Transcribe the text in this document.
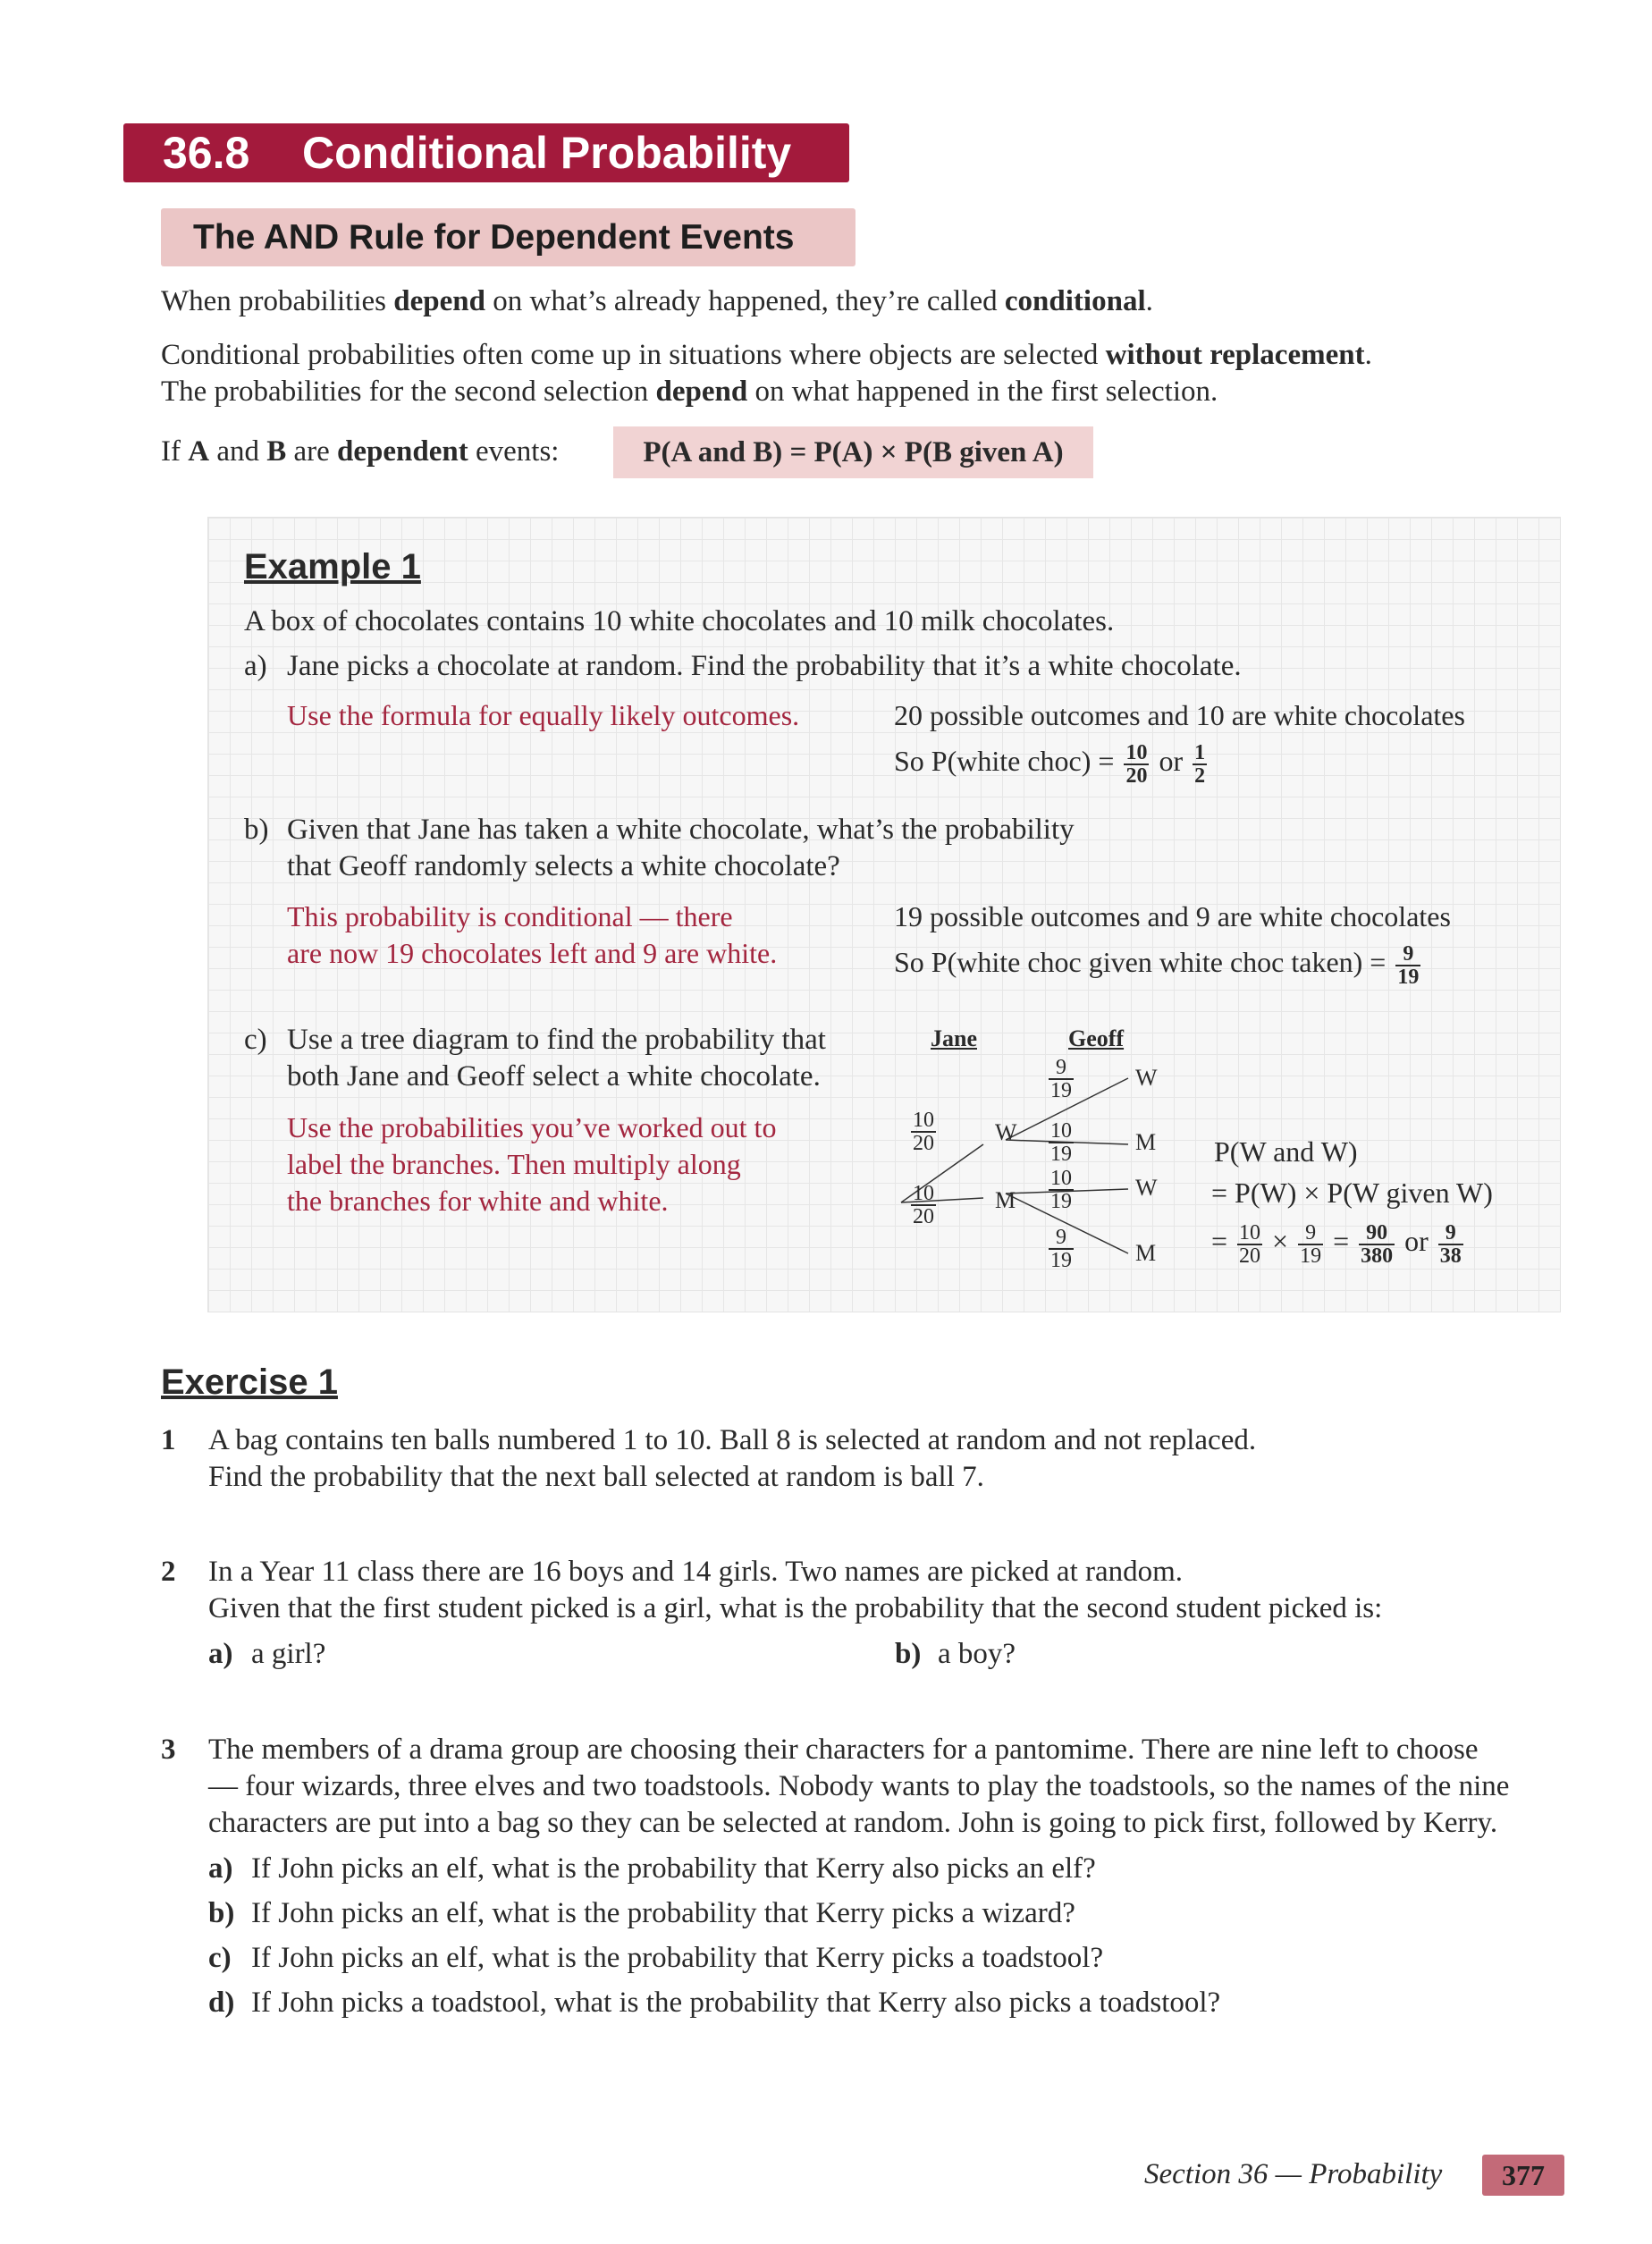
36.8 Conditional Probability
The AND Rule for Dependent Events
When probabilities depend on what’s already happened, they’re called conditional.
Conditional probabilities often come up in situations where objects are selected without replacement.
The probabilities for the second selection depend on what happened in the first selection.
If A and B are dependent events:	P(A and B) = P(A) × P(B given A)
Example 1
A box of chocolates contains 10 white chocolates and 10 milk chocolates.
a) Jane picks a chocolate at random. Find the probability that it’s a white chocolate.
Use the formula for equally likely outcomes.	20 possible outcomes and 10 are white chocolates
So P(white choc) = $\frac{10}{20}$ or $\frac{1}{2}$
b) Given that Jane has taken a white chocolate, what’s the probability
that Geoff randomly selects a white chocolate?
This probability is conditional — there
are now 19 chocolates left and 9 are white.
19 possible outcomes and 9 are white chocolates
So P(white choc given white choc taken) = $\frac{9}{19}$
c) Use a tree diagram to find the probability that
both Jane and Geoff select a white chocolate.
Use the probabilities you’ve worked out to
label the branches. Then multiply along
the branches for white and white.
Jane	Geoff
$\frac{10}{20}$
$\frac{10}{20}$
W
M
$\frac{9}{19}$
$\frac{10}{19}$
$\frac{10}{19}$
$\frac{9}{19}$
W
M
W
M
P(W and W)
= P(W) × P(W given W)
= $\frac{10}{20} \times \frac{9}{19} = \frac{90}{380}$ or $\frac{9}{38}$
Exercise 1
1 A bag contains ten balls numbered 1 to 10. Ball 8 is selected at random and not replaced.
Find the probability that the next ball selected at random is ball 7.
2 In a Year 11 class there are 16 boys and 14 girls. Two names are picked at random.
Given that the first student picked is a girl, what is the probability that the second student picked is:
a) a girl?	b) a boy?
3 The members of a drama group are choosing their characters for a pantomime. There are nine left to choose
— four wizards, three elves and two toadstools. Nobody wants to play the toadstools, so the names of the nine
characters are put into a bag so they can be selected at random. John is going to pick first, followed by Kerry.
a) If John picks an elf, what is the probability that Kerry also picks an elf?
b) If John picks an elf, what is the probability that Kerry picks a wizard?
c) If John picks an elf, what is the probability that Kerry picks a toadstool?
d) If John picks a toadstool, what is the probability that Kerry also picks a toadstool?
Section 36 — Probability	377
